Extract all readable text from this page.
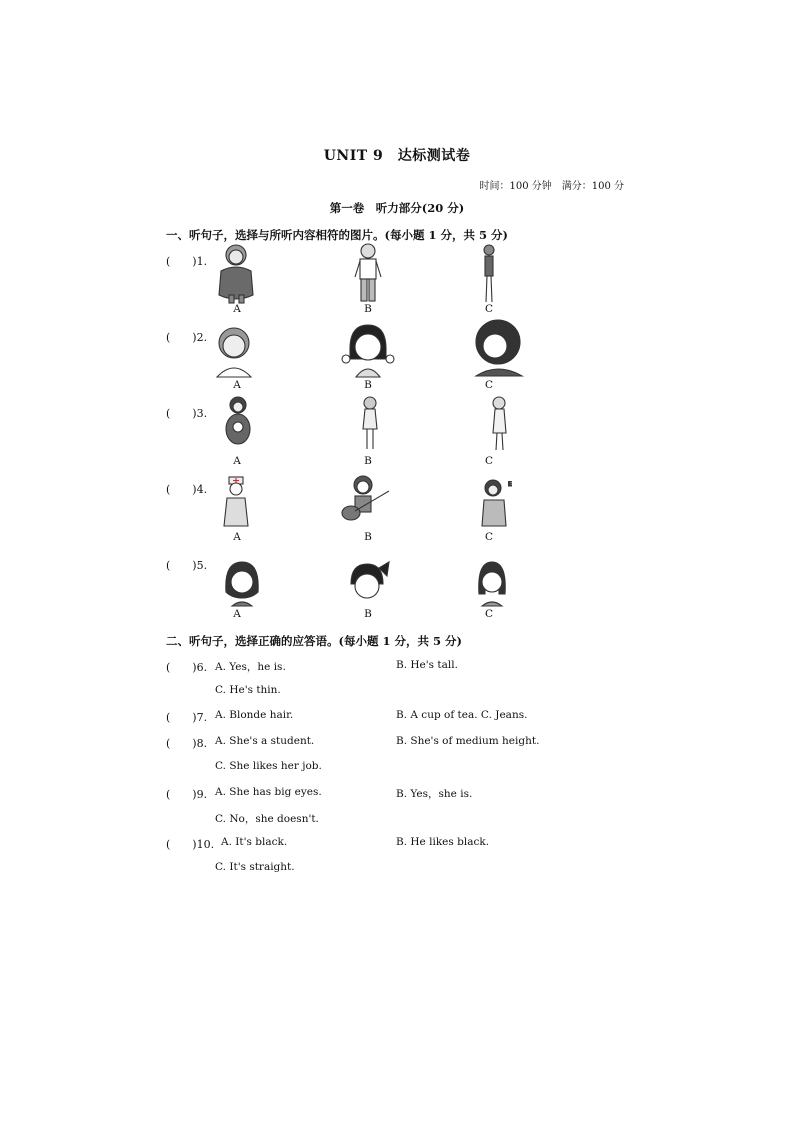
UNIT 9　达标测试卷
时间：100 分钟　满分：100 分
第一卷　听力部分(20 分)
一、听句子，选择与所听内容相符的图片。(每小题 1 分，共 5 分)
(　　)1.
A	B	C
(　　)2.
A	B	C
(　　)3.
A	B	C
(　　)4.	E
A	B	C
(　　)5.
A	B	C
二、听句子，选择正确的应答语。(每小题 1 分，共 5 分)
(　　)6. A. Yes，he is.	B. He's tall.
C. He's thin.
(　　)7. A. Blonde hair.	B. A cup of tea. C. Jeans.
(　　)8. A. She's a student.	B. She's of medium height.
C. She likes her job.
(　　)9. A. She has big eyes.	B. Yes，she is.
C. No，she doesn't.
(　　)10. A. It's black.	B. He likes black.
C. It's straight.
